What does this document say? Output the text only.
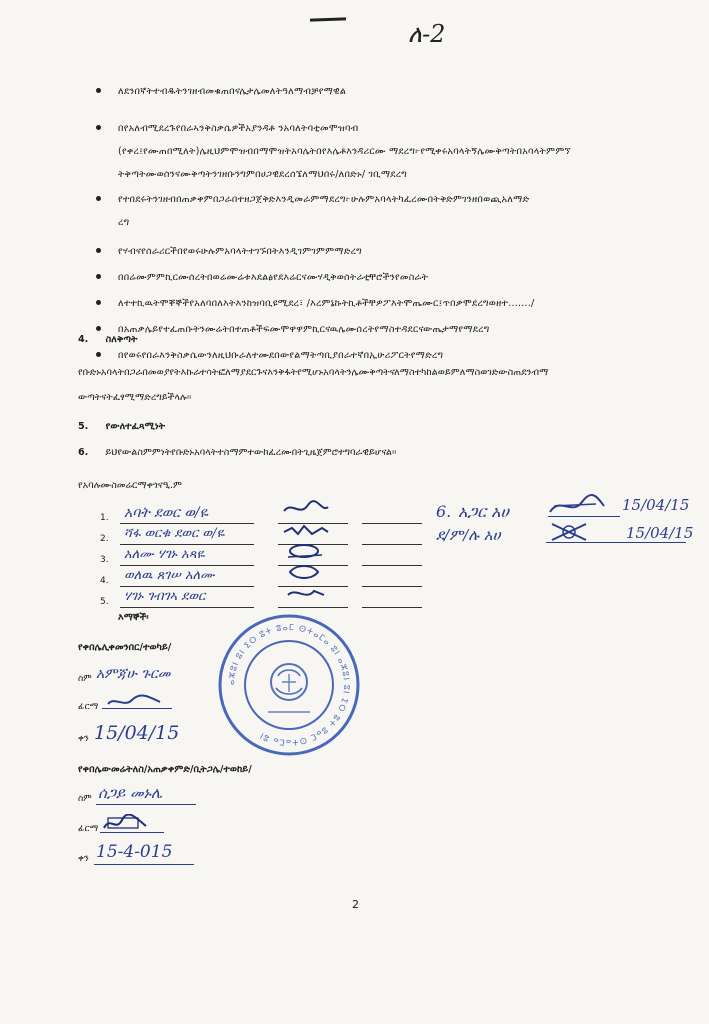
ለ-2
ለደንበኛትተብዱትንገዘብመቁጠበናሌታሌመለትዓለማብቻየማዊል
በየአለብሚደረጉየበራኣንቅስቃሴዎችአያንዳቶ ንአባለትባቲመሞዝባብ
(የቀረ፤የሙጠበሚለት)ሌዚህምሞዝብበማሞዝትአባሌትበየእሌቶእንዳሪርሙ ማደረግ፦የሚቀሩአባላትኝሌሙቅጣትበአባላትምምኘ
ትቅጣትሙወሰንናሙቅጣትንገዘቡንግምበሀጋዊደረሰኜለማህበሩ/ለበድኑ/ ገቢማደረግ
የተበደሩትንገዘብበጠቃቀምበጋራበተዘጋጀቅድእንዲመራምማደረግ፦ሁሉምአባላትካፈረሙበትቅድምገንዘበወጪአለማድ
ረግ
የሃብናየሰራሪርችበየወሩሁሉምአባላትተገኙበትእንዲገምገምምማድረግ
በበሬሙምምኪርሙሰረትበወሬሙሬቱእደልፅየደእሬርናሙሃዲቅወሰትራቲቸሮችንየመስራት
ለተተኪዉትሞቐኞችየአለባበለእትእንከዝባቢዩሚደረ፣ /እረምኔኩትኪቶችቸዎፖእትሞጤሙር፤ጥበቃሞደረግወዘተ......./
በአጠቃሌይየተፈጠቡትንሙሬትበተጠቶችፍሙሞዋዋምኪርናዉሌሙሰረትየማስተዳደርናውጤታማየማደረግ
በየወሩየበራእንቅስቃሴውንለዚህቡራለተሙደበውየልማትጣቢያበራተኛበኢሁሪፖርትየማድረግ
4. ስለቅጣት
የቡድኑአባላትበጋራበመወያየትእኩራተሳትፎለማያደርጉናእንቅፋትየሚሆኑአባላትንሌሙቅጣትናለማስተካከልወይምለማስወገድውስጠደንብማ
ውጣትናትፈፃሚማድረግይችላሉ፡፡
5. የውለተፈጻሚነት
6. ይህየውልስምምነትየቡድኑአባላትተስማምተውከፈረሙበትጊዜጀምሮተግባራዊይሆናል፡፡
የአባሉሙስመሬርማቀጎናዒ.ም
1. አባት ደወር ወ/ዬ
2. ሻፋ ወርቁ ደወር ወ/ዬ
3. አለሙ ሃገኑ አጻዬ
4. ወለዉ ጸገሠ አለሙ
5. ሃገኑ ገብገኣ ደወር
እማኞች፡
6. አጋር አሀ	15/04/15
ደ/ም/ሉ አሀ	15/04/15
የቀበሌሊቀመንበር/ተወካይ/
ስም አምጃሁ ጉርመ
ፊርማ
ቀን 15/04/15
ⴰⵣⵓⵏ ⵓⵏ ⵉⵔ ⵓⵜ ⵓⴰⵎ ⵙⵜⴰⵎⴰ ⵓⵏ ⴰⵣⵓⵏ ⵓⵏ ⵉⵔ ⵓⵜ ⵓⴰⵎ ⵙⵜⴰⵎⴰ ⵓⵏ
የቀበሌውመሬትለስ/አጠቃቀምድ/ቢትጋሌ/ተወከይ/
ስም ሰጋይ መኑሌ
ፊርማ
ቀን 15-4-015
2
